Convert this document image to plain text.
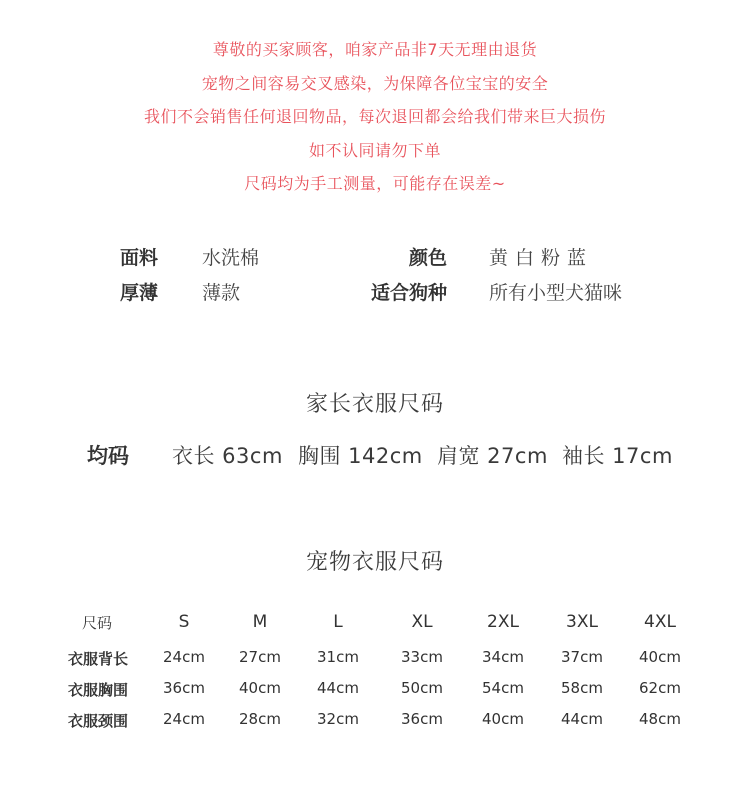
尊敬的买家顾客，咱家产品非7天无理由退货
宠物之间容易交叉感染，为保障各位宝宝的安全
我们不会销售任何退回物品，每次退回都会给我们带来巨大损伤
如不认同请勿下单
尺码均为手工测量，可能存在误差~
面料 水洗棉	颜色 黄白粉蓝
厚薄 薄款	适合狗种 所有小型犬猫咪
家长衣服尺码
均码 衣长 63cm 胸围 142cm 肩宽 27cm 袖长 17cm
宠物衣服尺码
尺码	S	M	L	XL	2XL	3XL	4XL
衣服背长	24cm	27cm	31cm	33cm	34cm	37cm	40cm
衣服胸围	36cm	40cm	44cm	50cm	54cm	58cm	62cm
衣服颈围	24cm	28cm	32cm	36cm	40cm	44cm	48cm
